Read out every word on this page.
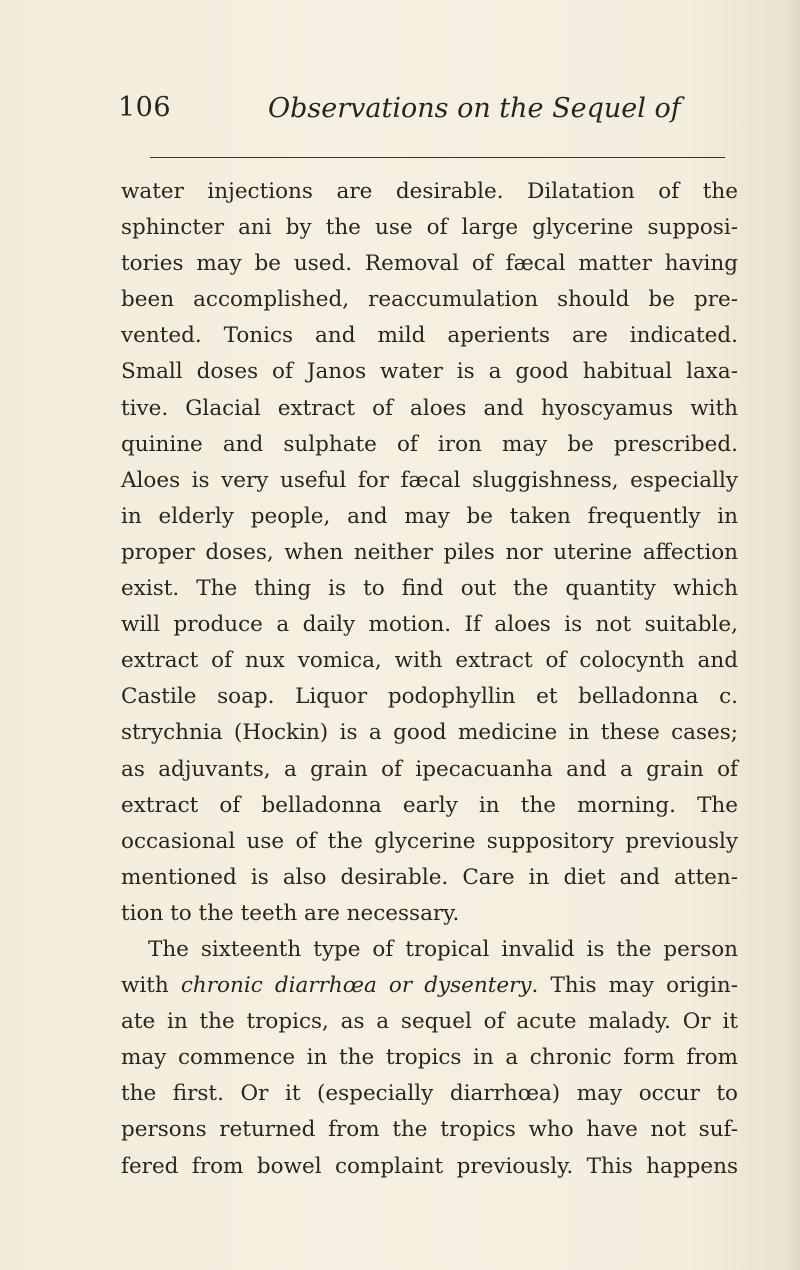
106	Observations on the Sequel of
water injections are desirable. Dilatation of the
sphincter ani by the use of large glycerine supposi-
tories may be used. Removal of fæcal matter having
been accomplished, reaccumulation should be pre-
vented. Tonics and mild aperients are indicated.
Small doses of Janos water is a good habitual laxa-
tive. Glacial extract of aloes and hyoscyamus with
quinine and sulphate of iron may be prescribed.
Aloes is very useful for fæcal sluggishness, especially
in elderly people, and may be taken frequently in
proper doses, when neither piles nor uterine affection
exist. The thing is to find out the quantity which
will produce a daily motion. If aloes is not suitable,
extract of nux vomica, with extract of colocynth and
Castile soap. Liquor podophyllin et belladonna c.
strychnia (Hockin) is a good medicine in these cases;
as adjuvants, a grain of ipecacuanha and a grain of
extract of belladonna early in the morning. The
occasional use of the glycerine suppository previously
mentioned is also desirable. Care in diet and atten-
tion to the teeth are necessary.
The sixteenth type of tropical invalid is the person
with chronic diarrhœa or dysentery. This may origin-
ate in the tropics, as a sequel of acute malady. Or it
may commence in the tropics in a chronic form from
the first. Or it (especially diarrhœa) may occur to
persons returned from the tropics who have not suf-
fered from bowel complaint previously. This happens
